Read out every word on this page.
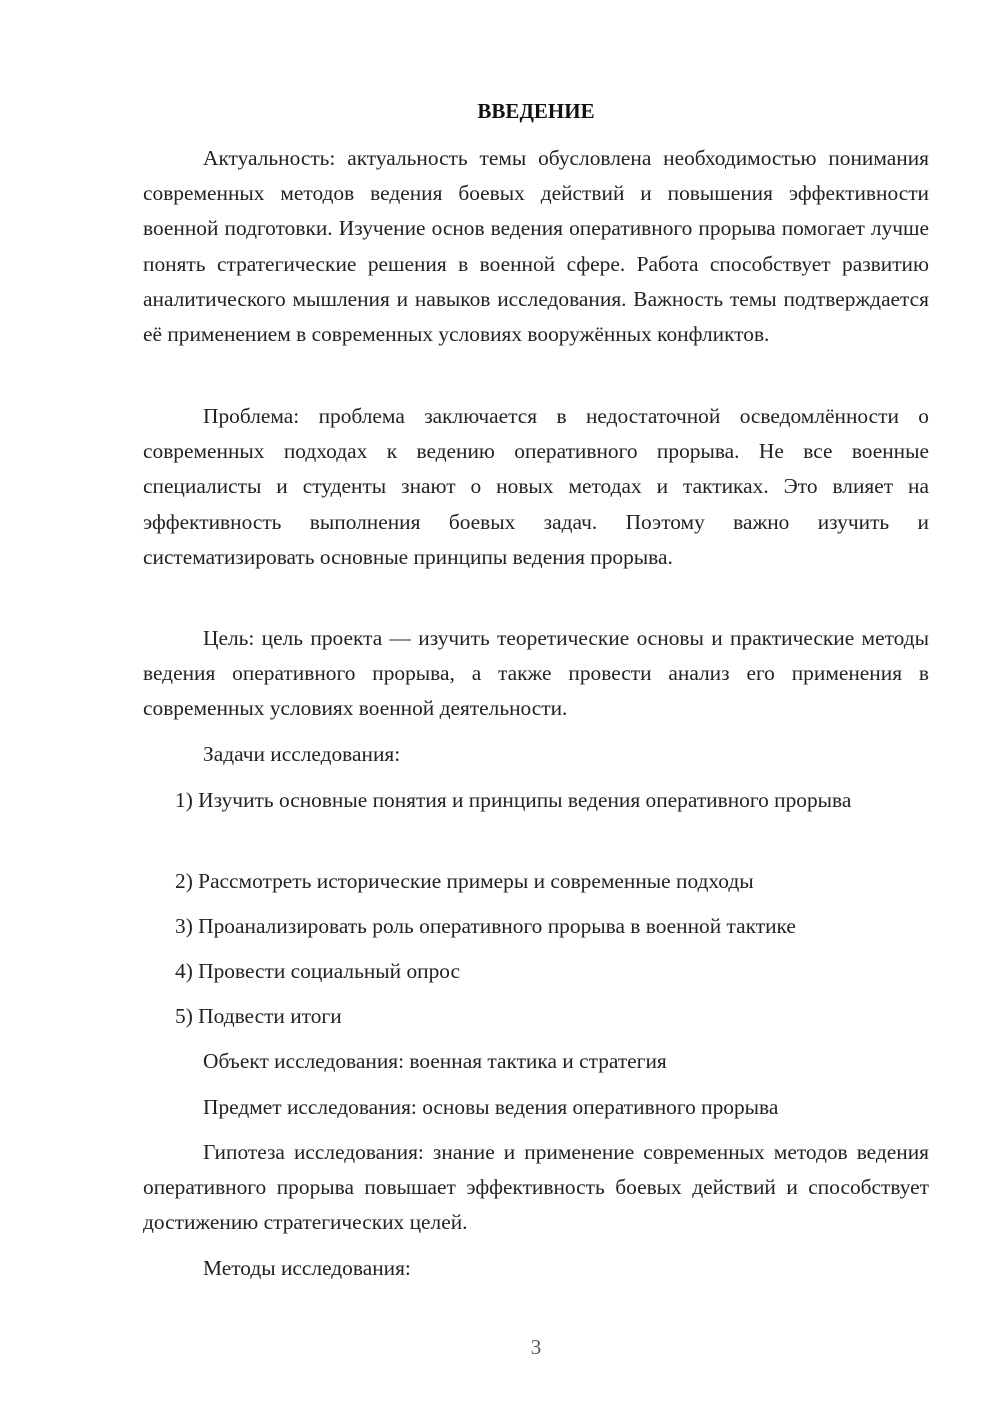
ВВЕДЕНИЕ

Актуальность: актуальность темы обусловлена необходимостью понимания современных методов ведения боевых действий и повышения эффективности военной подготовки. Изучение основ ведения оперативного прорыва помогает лучше понять стратегические решения в военной сфере. Работа способствует развитию аналитического мышления и навыков исследования. Важность темы подтверждается её применением в современных условиях вооружённых конфликтов.

Проблема: проблема заключается в недостаточной осведомлённости о современных подходах к ведению оперативного прорыва. Не все военные специалисты и студенты знают о новых методах и тактиках. Это влияет на эффективность выполнения боевых задач. Поэтому важно изучить и систематизировать основные принципы ведения прорыва.

Цель: цель проекта — изучить теоретические основы и практические методы ведения оперативного прорыва, а также провести анализ его применения в современных условиях военной деятельности.

Задачи исследования:

1) Изучить основные понятия и принципы ведения оперативного прорыва

2) Рассмотреть исторические примеры и современные подходы

3) Проанализировать роль оперативного прорыва в военной тактике

4) Провести социальный опрос

5) Подвести итоги

Объект исследования: военная тактика и стратегия

Предмет исследования: основы ведения оперативного прорыва

Гипотеза исследования: знание и применение современных методов ведения оперативного прорыва повышает эффективность боевых действий и способствует достижению стратегических целей.

Методы исследования:

3
